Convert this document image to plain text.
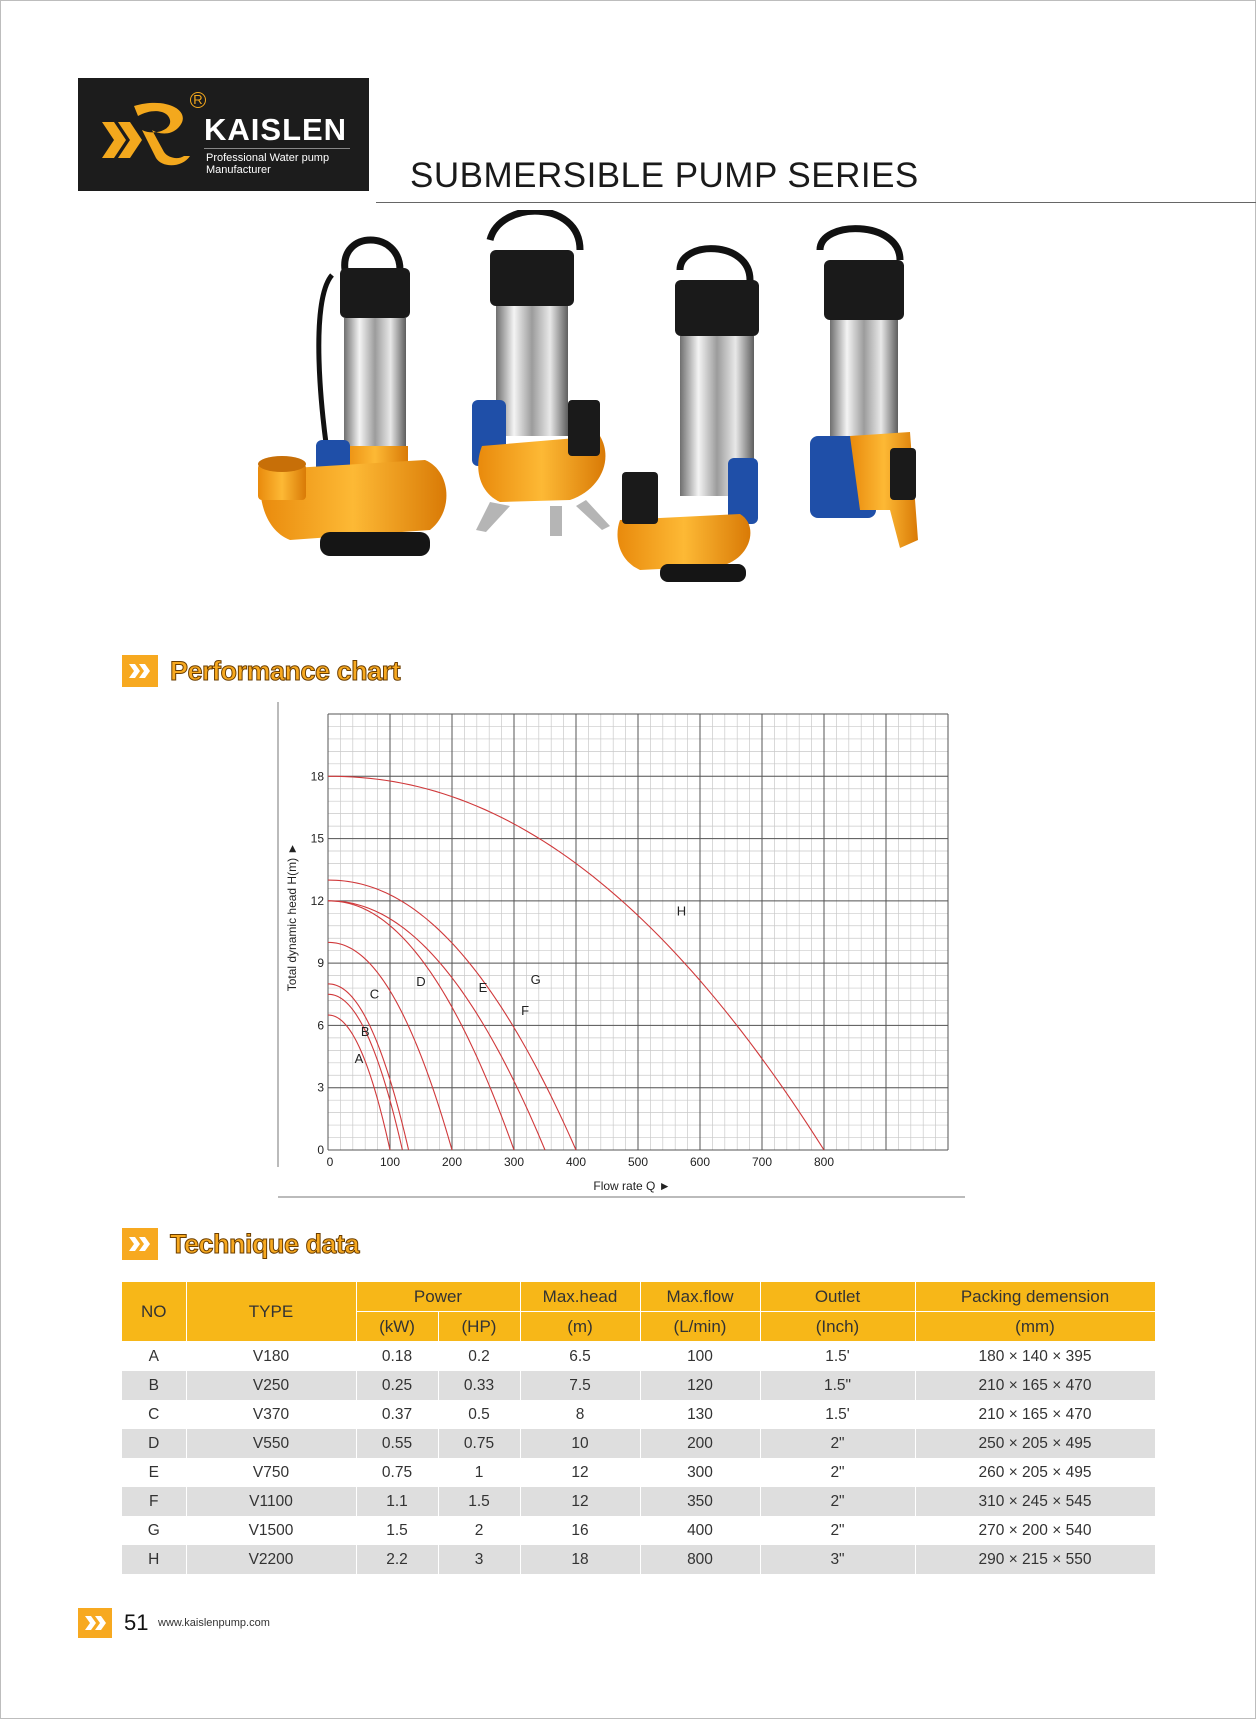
R
KAISLEN
Professional Water pump Manufacturer	SUBMERSIBLE PUMP SERIES
Performance chart
0	100	200	300	400	500	600	700	800
0
3
6
9
12
15
18
A
B
C
D	E
F
G
H
Flow rate Q ►
Total dynamic head H(m) ►
Technique data
NO	TYPE	Power		Max.head	Max.flow	Outlet	Packing demension
		(kW)	(HP)	(m)	(L/min)	(Inch)	(mm)
A	V180	0.18	0.2	6.5	100	1.5'	180 × 140 × 395
B	V250	0.25	0.33	7.5	120	1.5"	210 × 165 × 470
C	V370	0.37	0.5	8	130	1.5'	210 × 165 × 470
D	V550	0.55	0.75	10	200	2"	250 × 205 × 495
E	V750	0.75	1	12	300	2"	260 × 205 × 495
F	V1100	1.1	1.5	12	350	2"	310 × 245 × 545
G	V1500	1.5	2	16	400	2"	270 × 200 × 540
H	V2200	2.2	3	18	800	3"	290 × 215 × 550
51 www.kaislenpump.com
